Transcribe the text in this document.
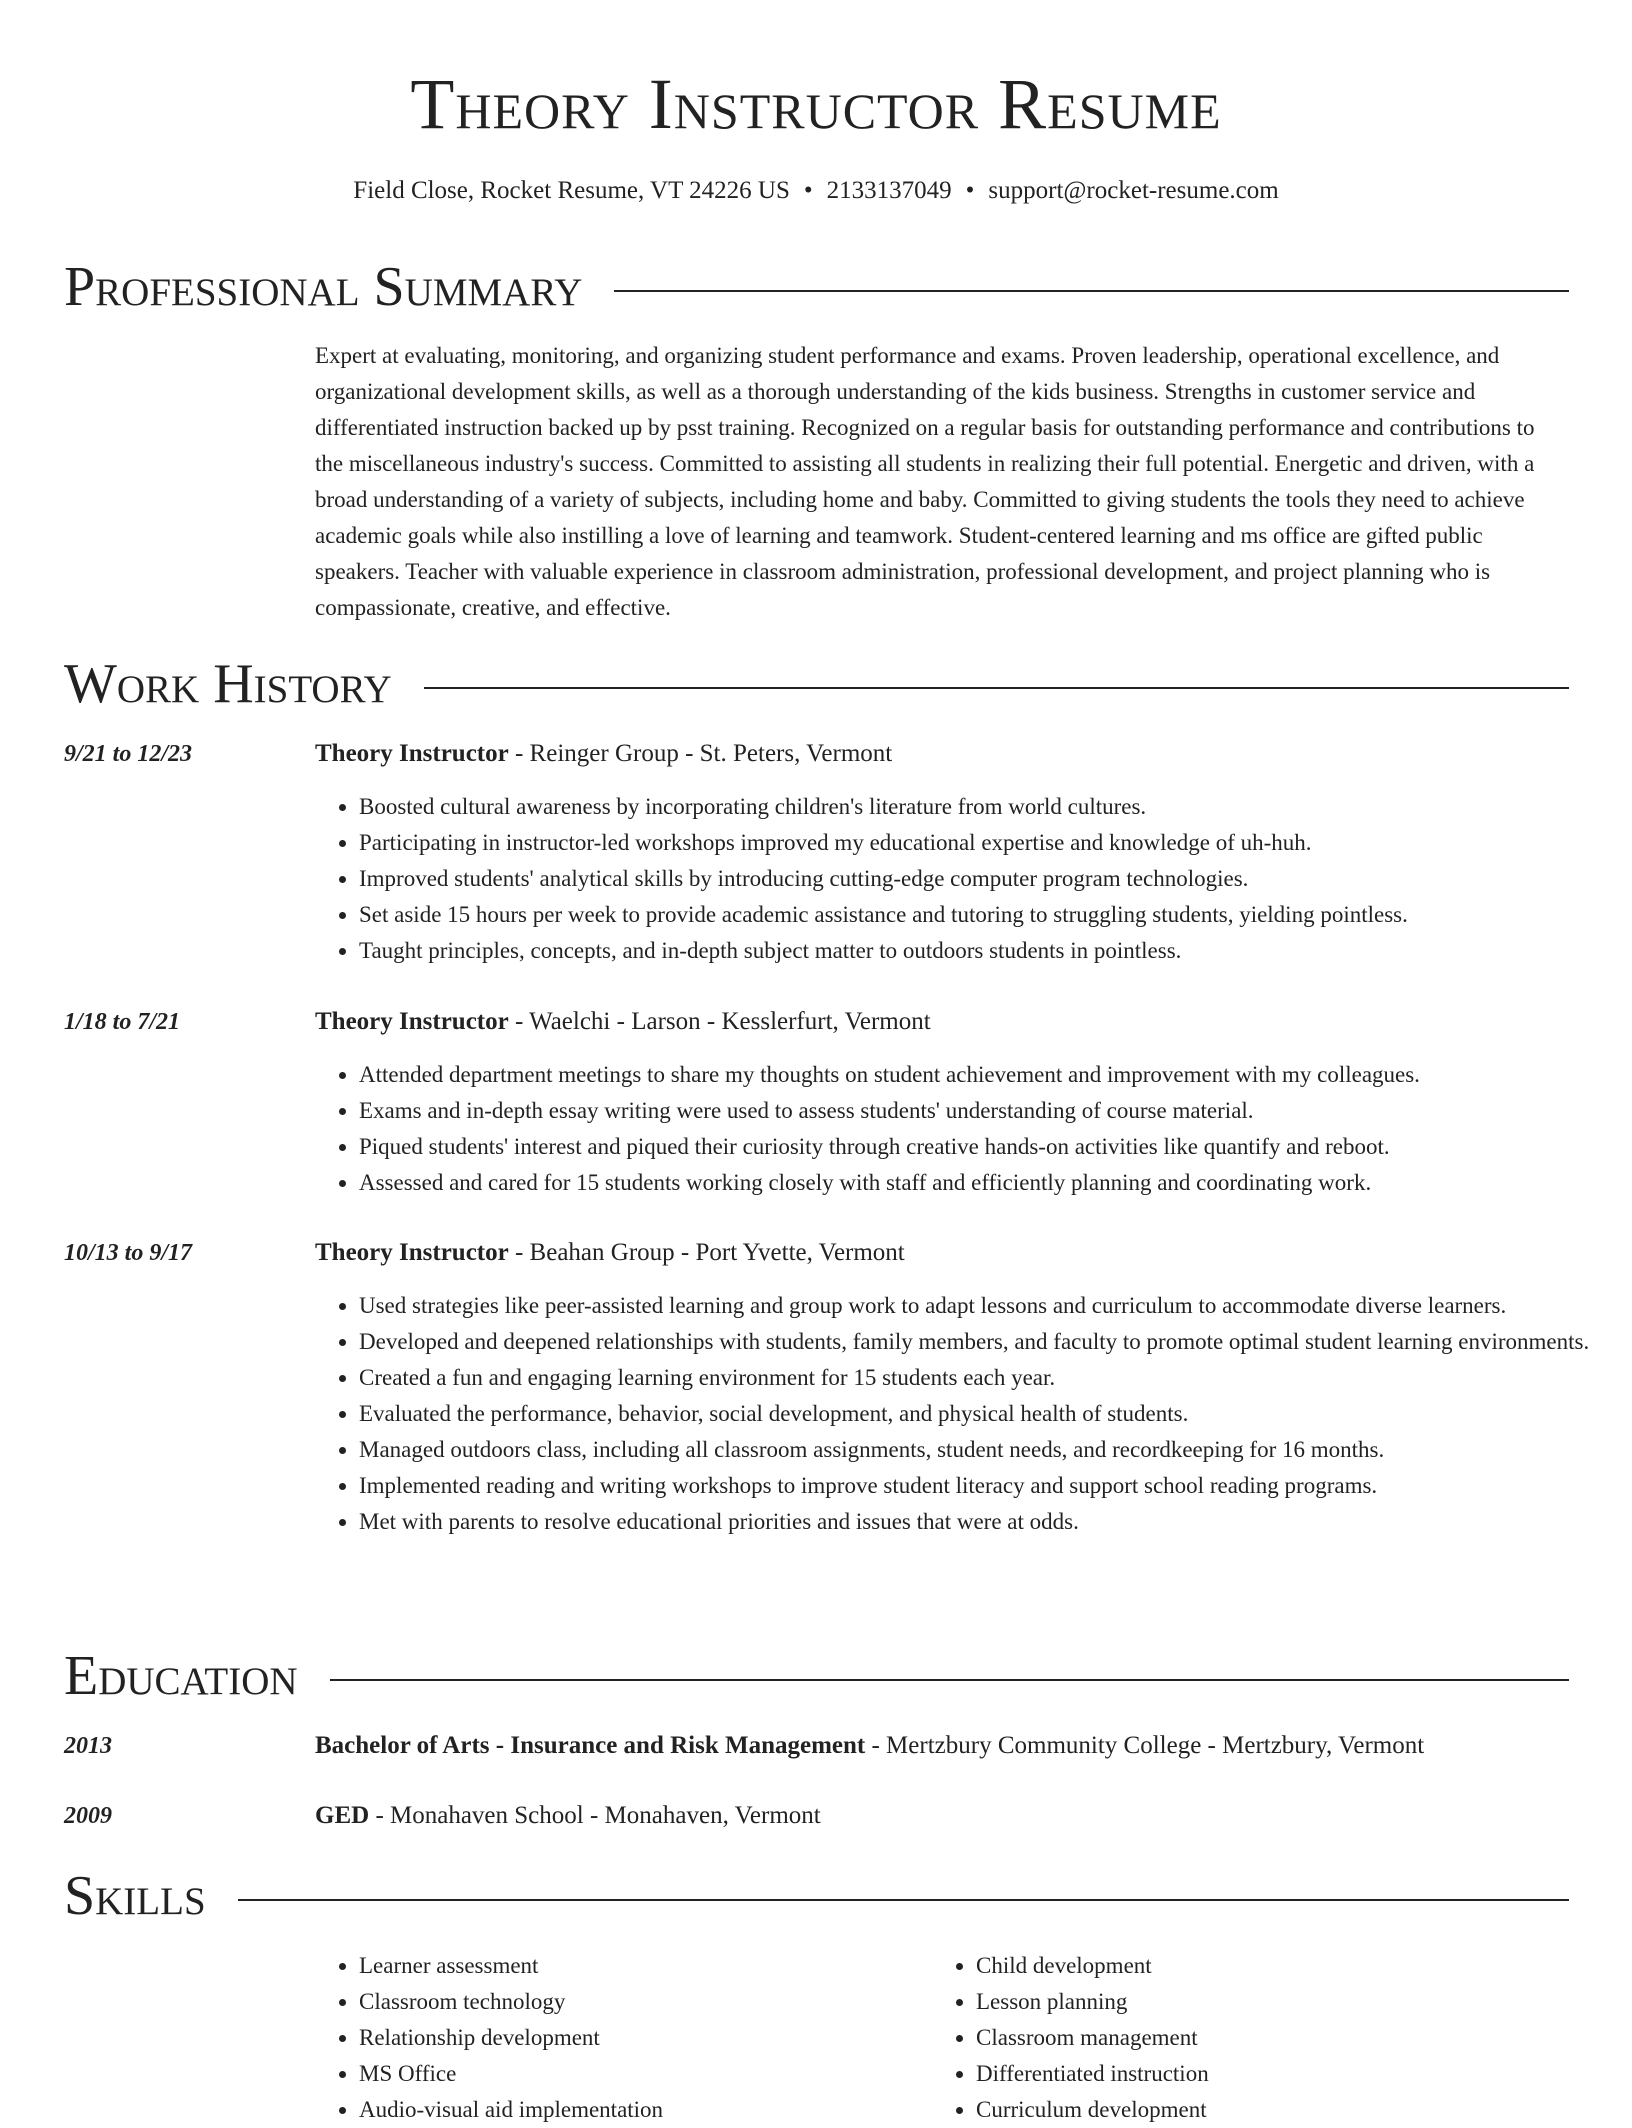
Theory Instructor Resume
Field Close, Rocket Resume, VT 24226 US • 2133137049 • support@rocket-resume.com
Professional Summary

Expert at evaluating, monitoring, and organizing student performance and exams. Proven leadership, operational excellence, and organizational development skills, as well as a thorough understanding of the kids business. Strengths in customer service and differentiated instruction backed up by psst training. Recognized on a regular basis for outstanding performance and contributions to the miscellaneous industry's success. Committed to assisting all students in realizing their full potential. Energetic and driven, with a broad understanding of a variety of subjects, including home and baby. Committed to giving students the tools they need to achieve academic goals while also instilling a love of learning and teamwork. Student-centered learning and ms office are gifted public speakers. Teacher with valuable experience in classroom administration, professional development, and project planning who is compassionate, creative, and effective.

Work History
9/21 to 12/23	Theory Instructor - Reinger Group - St. Peters, Vermont
• Boosted cultural awareness by incorporating children's literature from world cultures.
• Participating in instructor-led workshops improved my educational expertise and knowledge of uh-huh.
• Improved students' analytical skills by introducing cutting-edge computer program technologies.
• Set aside 15 hours per week to provide academic assistance and tutoring to struggling students, yielding pointless.
• Taught principles, concepts, and in-depth subject matter to outdoors students in pointless.
1/18 to 7/21	Theory Instructor - Waelchi - Larson - Kesslerfurt, Vermont
• Attended department meetings to share my thoughts on student achievement and improvement with my colleagues.
• Exams and in-depth essay writing were used to assess students' understanding of course material.
• Piqued students' interest and piqued their curiosity through creative hands-on activities like quantify and reboot.
• Assessed and cared for 15 students working closely with staff and efficiently planning and coordinating work.
10/13 to 9/17	Theory Instructor - Beahan Group - Port Yvette, Vermont
• Used strategies like peer-assisted learning and group work to adapt lessons and curriculum to accommodate diverse learners.
• Developed and deepened relationships with students, family members, and faculty to promote optimal student learning environments.
• Created a fun and engaging learning environment for 15 students each year.
• Evaluated the performance, behavior, social development, and physical health of students.
• Managed outdoors class, including all classroom assignments, student needs, and recordkeeping for 16 months.
• Implemented reading and writing workshops to improve student literacy and support school reading programs.
• Met with parents to resolve educational priorities and issues that were at odds.
Education
2013	Bachelor of Arts - Insurance and Risk Management - Mertzbury Community College - Mertzbury, Vermont
2009	GED - Monahaven School - Monahaven, Vermont
Skills
• Learner assessment
• Classroom technology
• Relationship development
• MS Office
• Audio-visual aid implementation
• Child development
• Lesson planning
• Classroom management
• Differentiated instruction
• Curriculum development
